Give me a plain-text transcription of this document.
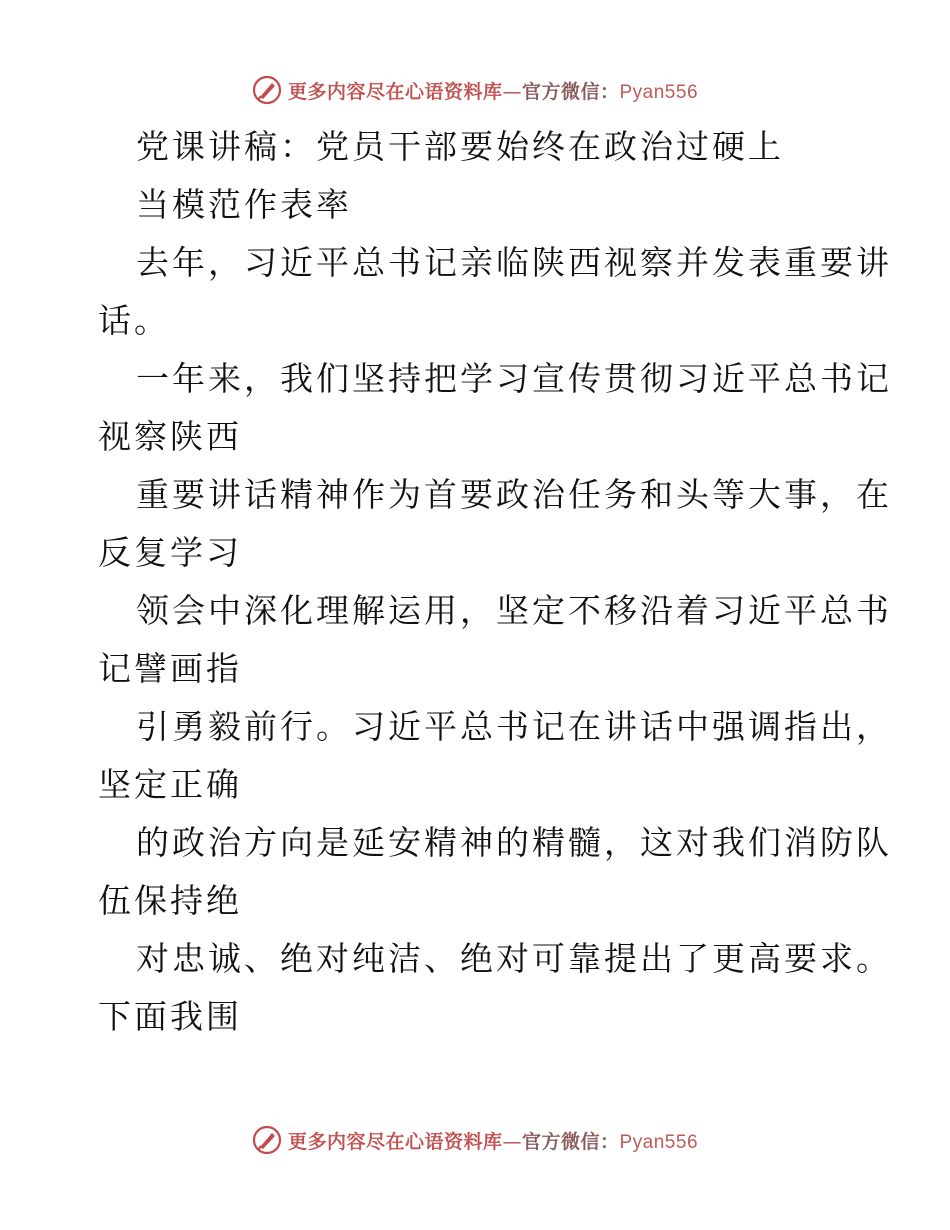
更多内容尽在心语资料库—官方微信：Pyan556
党课讲稿：党员干部要始终在政治过硬上
当模范作表率
去年，习近平总书记亲临陕西视察并发表重要讲
话。
一年来，我们坚持把学习宣传贯彻习近平总书记
视察陕西
重要讲话精神作为首要政治任务和头等大事，在
反复学习
领会中深化理解运用，坚定不移沿着习近平总书
记譬画指
引勇毅前行。习近平总书记在讲话中强调指出，
坚定正确
的政治方向是延安精神的精髓，这对我们消防队
伍保持绝
对忠诚、绝对纯洁、绝对可靠提出了更高要求。
下面我围
更多内容尽在心语资料库—官方微信：Pyan556
